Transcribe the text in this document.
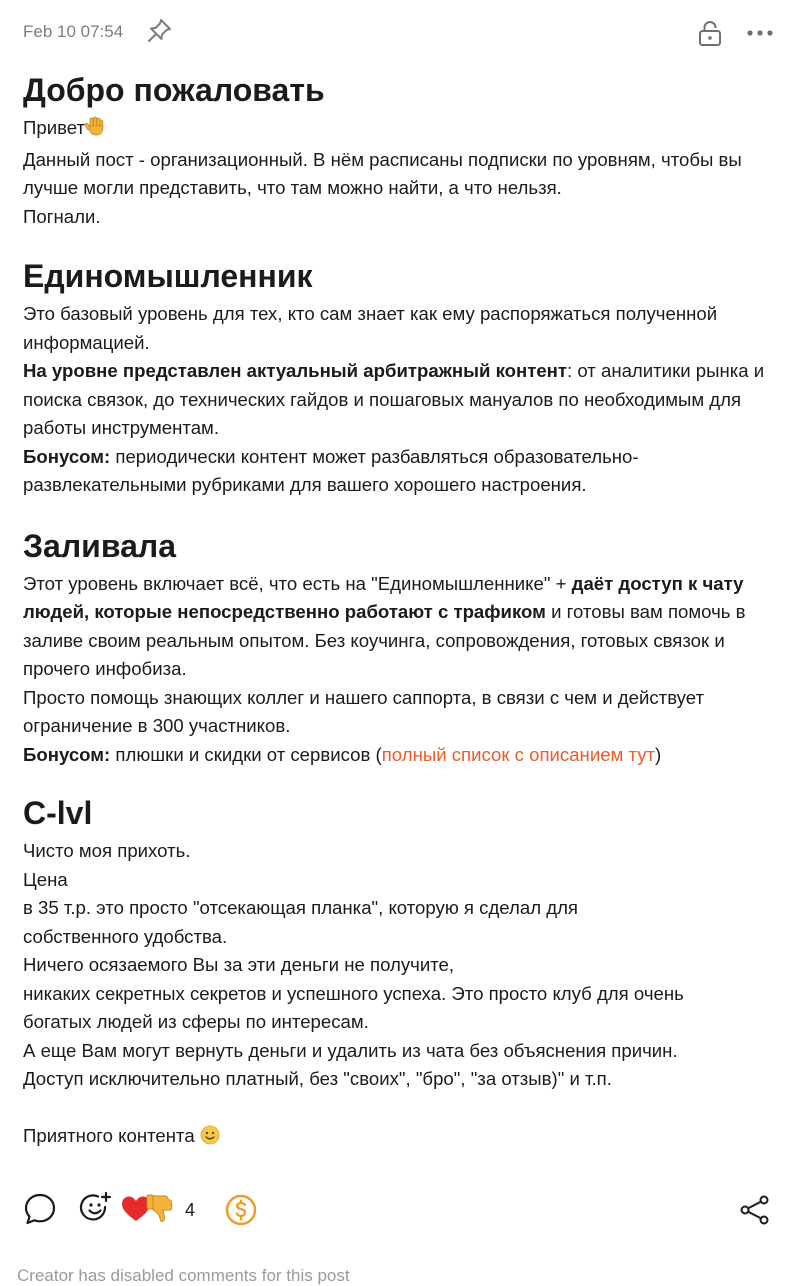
Feb 10 07:54
Добро пожаловать

Привет

Данный пост - организационный. В нём расписаны подписки по уровням, чтобы вы лучше могли представить, что там можно найти, а что нельзя.

Погнали.

Единомышленник

Это базовый уровень для тех, кто сам знает как ему распоряжаться полученной информацией.

На уровне представлен актуальный арбитражный контент: от аналитики рынка и поиска связок, до технических гайдов и пошаговых мануалов по необходимым для работы инструментам.

Бонусом: периодически контент может разбавляться образовательно-развлекательными рубриками для вашего хорошего настроения.

Заливала

Этот уровень включает всё, что есть на "Единомышленнике" + даёт доступ к чату людей, которые непосредственно работают с трафиком и готовы вам помочь в заливе своим реальным опытом. Без коучинга, сопровождения, готовых связок и прочего инфобиза.

Просто помощь знающих коллег и нашего саппорта, в связи с чем и действует ограничение в 300 участников.

Бонусом: плюшки и скидки от сервисов (полный список с описанием тут)

C-lvl

Чисто моя прихоть.

Цена

в 35 т.р. это просто "отсекающая планка", которую я сделал для собственного удобства.

Ничего осязаемого Вы за эти деньги не получите,

никаких секретных секретов и успешного успеха. Это просто клуб для очень богатых людей из сферы по интересам.

А еще Вам могут вернуть деньги и удалить из чата без объяснения причин.

Доступ исключительно платный, без "своих", "бро", "за отзыв)" и т.п.

Приятного контента

4
Creator has disabled comments for this post
